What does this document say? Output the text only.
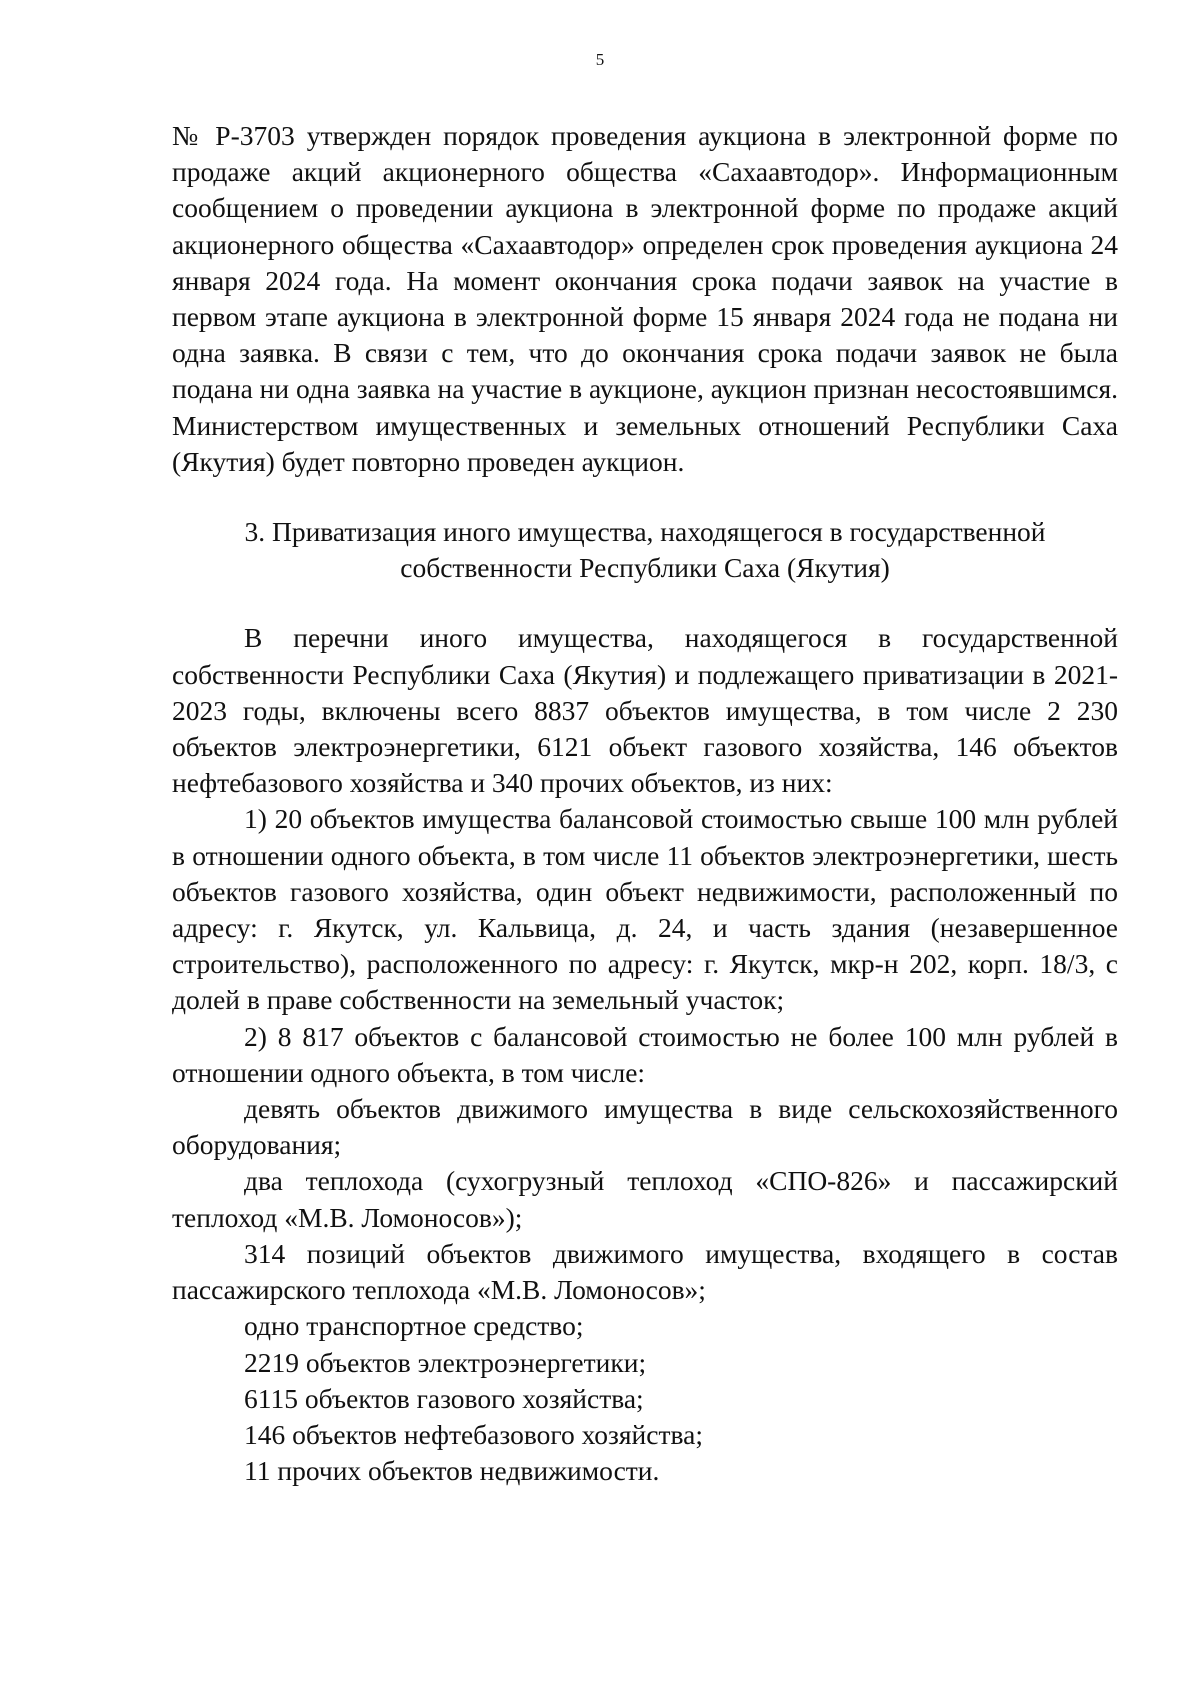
5

№ Р-3703 утвержден порядок проведения аукциона в электронной форме по продаже акций акционерного общества «Сахаавтодор». Информационным сообщением о проведении аукциона в электронной форме по продаже акций акционерного общества «Сахаавтодор» определен срок проведения аукциона 24 января 2024 года. На момент окончания срока подачи заявок на участие в первом этапе аукциона в электронной форме 15 января 2024 года не подана ни одна заявка. В связи с тем, что до окончания срока подачи заявок не была подана ни одна заявка на участие в аукционе, аукцион признан несостоявшимся. Министерством имущественных и земельных отношений Республики Саха (Якутия) будет повторно проведен аукцион.

3. Приватизация иного имущества, находящегося в государственной
собственности Республики Саха (Якутия)

В перечни иного имущества, находящегося в государственной собственности Республики Саха (Якутия) и подлежащего приватизации в 2021-2023 годы, включены всего 8837 объектов имущества, в том числе 2 230 объектов электроэнергетики, 6121 объект газового хозяйства, 146 объектов нефтебазового хозяйства и 340 прочих объектов, из них:

1) 20 объектов имущества балансовой стоимостью свыше 100 млн рублей в отношении одного объекта, в том числе 11 объектов электроэнергетики, шесть объектов газового хозяйства, один объект недвижимости, расположенный по адресу: г. Якутск, ул. Кальвица, д. 24, и часть здания (незавершенное строительство), расположенного по адресу: г. Якутск, мкр-н 202, корп. 18/3, с долей в праве собственности на земельный участок;

2) 8 817 объектов с балансовой стоимостью не более 100 млн рублей в отношении одного объекта, в том числе:

девять объектов движимого имущества в виде сельскохозяйственного оборудования;

два теплохода (сухогрузный теплоход «СПО-826» и пассажирский теплоход «М.В. Ломоносов»);

314 позиций объектов движимого имущества, входящего в состав пассажирского теплохода «М.В. Ломоносов»;

одно транспортное средство;

2219 объектов электроэнергетики;

6115 объектов газового хозяйства;

146 объектов нефтебазового хозяйства;

11 прочих объектов недвижимости.
